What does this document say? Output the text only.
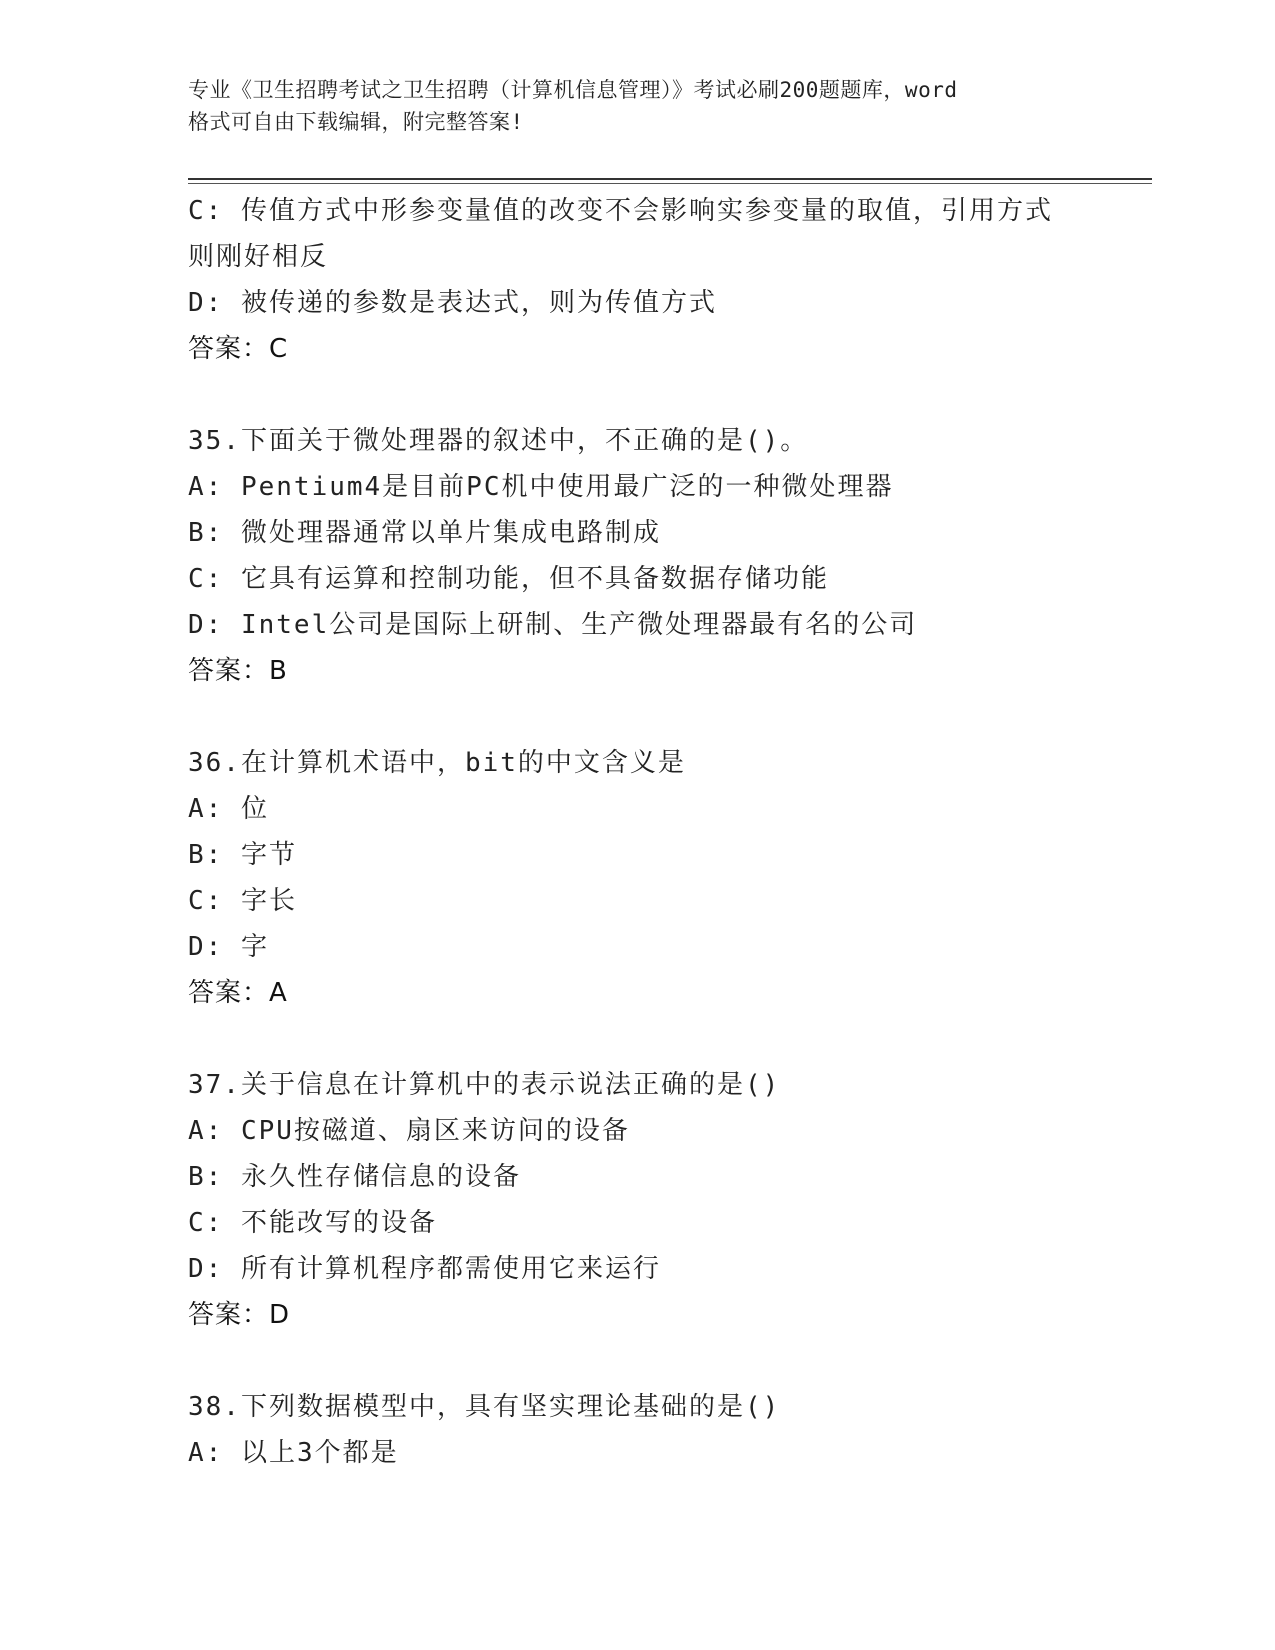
专业《卫生招聘考试之卫生招聘（计算机信息管理）》考试必刷200题题库，word
格式可自由下载编辑，附完整答案!
C: 传值方式中形参变量值的改变不会影响实参变量的取值，引用方式
则刚好相反
D: 被传递的参数是表达式，则为传值方式
答案：C
35.下面关于微处理器的叙述中，不正确的是()。
A: Pentium4是目前PC机中使用最广泛的一种微处理器
B: 微处理器通常以单片集成电路制成
C: 它具有运算和控制功能，但不具备数据存储功能
D: Intel公司是国际上研制、生产微处理器最有名的公司
答案：B
36.在计算机术语中，bit的中文含义是
A: 位
B: 字节
C: 字长
D: 字
答案：A
37.关于信息在计算机中的表示说法正确的是()
A: CPU按磁道、扇区来访问的设备
B: 永久性存储信息的设备
C: 不能改写的设备
D: 所有计算机程序都需使用它来运行
答案：D
38.下列数据模型中，具有坚实理论基础的是()
A: 以上3个都是
